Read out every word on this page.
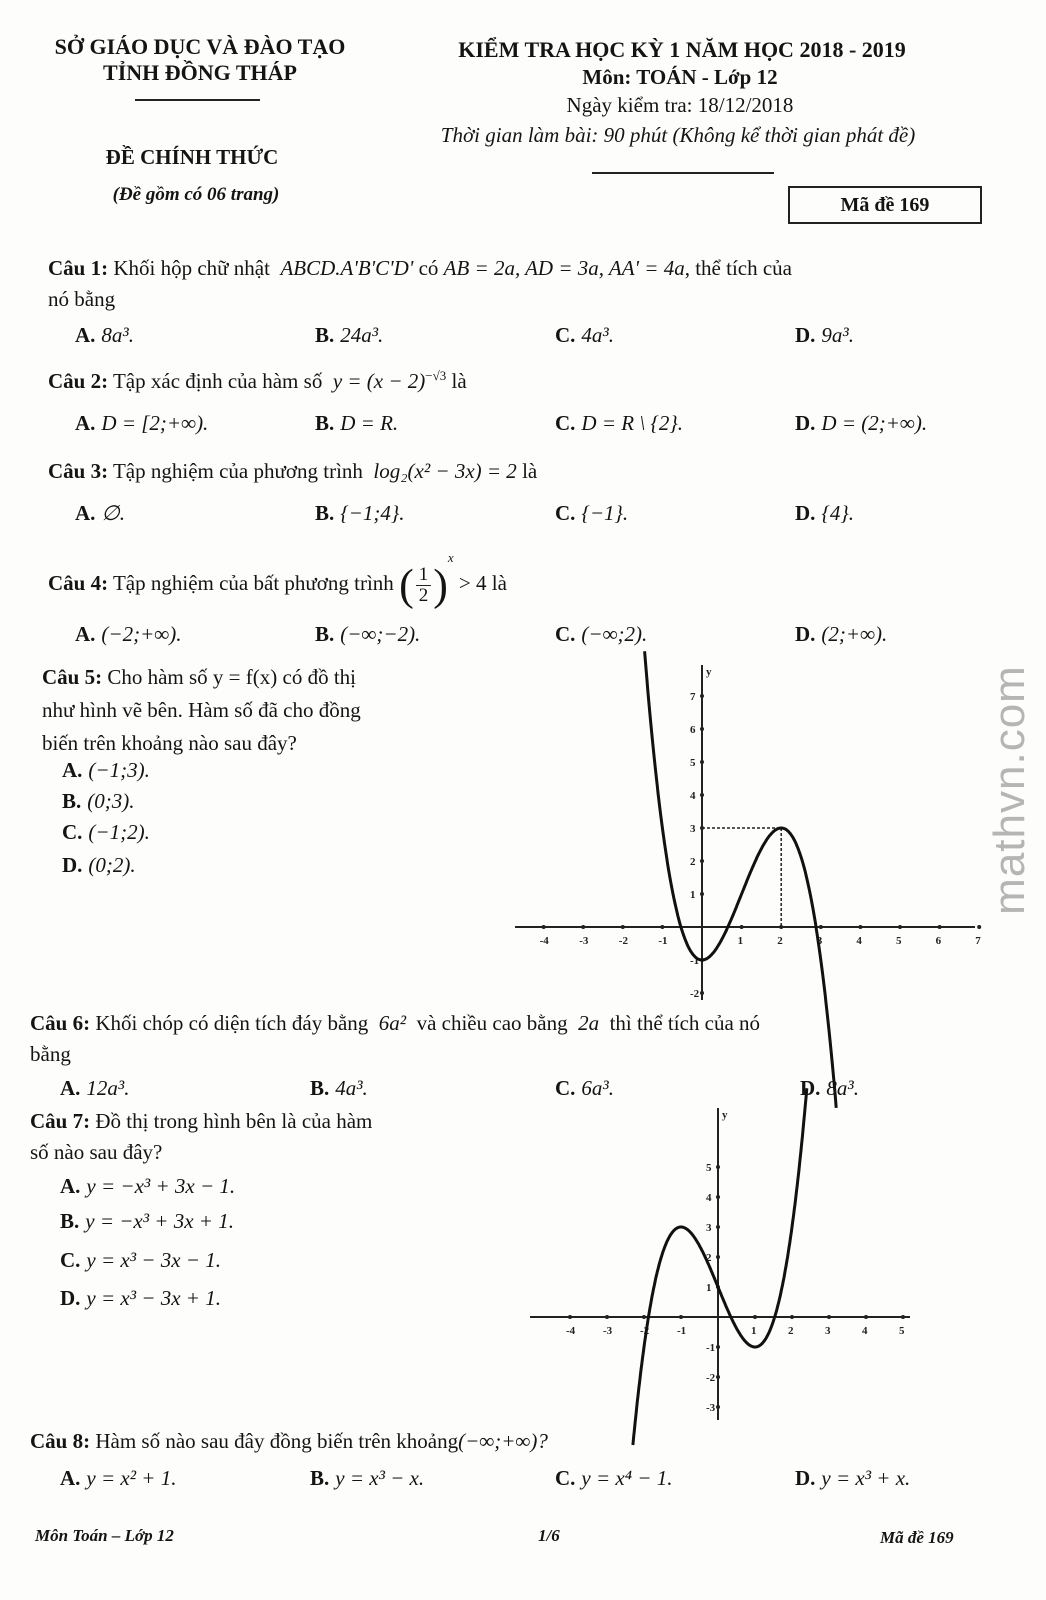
SỞ GIÁO DỤC VÀ ĐÀO TẠO
TỈNH ĐỒNG THÁP
ĐỀ CHÍNH THỨC
(Đề gồm có 06 trang)
KIỂM TRA HỌC KỲ 1 NĂM HỌC 2018 - 2019
Môn: TOÁN - Lớp 12
Ngày kiểm tra: 18/12/2018
Thời gian làm bài: 90 phút (Không kể thời gian phát đề)
Mã đề 169
Câu 1: Khối hộp chữ nhật ABCD.A'B'C'D' có AB = 2a, AD = 3a, AA' = 4a, thể tích của
nó bằng
A. 8a³.	B. 24a³.	C. 4a³.	D. 9a³.
Câu 2: Tập xác định của hàm số $y = (x - 2)^{-√3}$ là
A. D = [2;+∞).	B. D = R.	C. D = R \ {2}.	D. D = (2;+∞).
Câu 3: Tập nghiệm của phương trình log₂(x² − 3x) = 2 là
A. ∅.	B. {−1;4}.	C. {−1}.	D. {4}.
Câu 4: Tập nghiệm của bất phương trình ( $\frac{1}{2} )^x > 4$ là
A. (−2;+∞).	B. (−∞;−2).	C. (−∞;2).	D. (2;+∞).
Câu 5: Cho hàm số y = f(x) có đồ thị
như hình vẽ bên. Hàm số đã cho đồng
biến trên khoảng nào sau đây?
A. (−1;3).
B. (0;3).
C. (−1;2).
D. (0;2).
y
-4	-3	-2	-1	1	2	3	4	5	6	7
1
2
3
4
5
6
7
-1
-2
Câu 6: Khối chóp có diện tích đáy bằng 6a² và chiều cao bằng 2a thì thể tích của nó
bằng
A. 12a³.	B. 4a³.	C. 6a³.	D. 8a³.
Câu 7: Đồ thị trong hình bên là của hàm
số nào sau đây?
A. y = −x³ + 3x − 1.
B. y = −x³ + 3x + 1.
C. y = x³ − 3x − 1.
D. y = x³ − 3x + 1.
y
-4	-3	-2	-1	1	2	3	4	5
1
2
3
4
5
-1
-2
-3
Câu 8: Hàm số nào sau đây đồng biến trên khoảng(−∞;+∞)?
A. y = x² + 1.	B. y = x³ − x.	C. y = x⁴ − 1.	D. y = x³ + x.
Môn Toán – Lớp 12	1/6	Mã đề 169
mathvn.com
